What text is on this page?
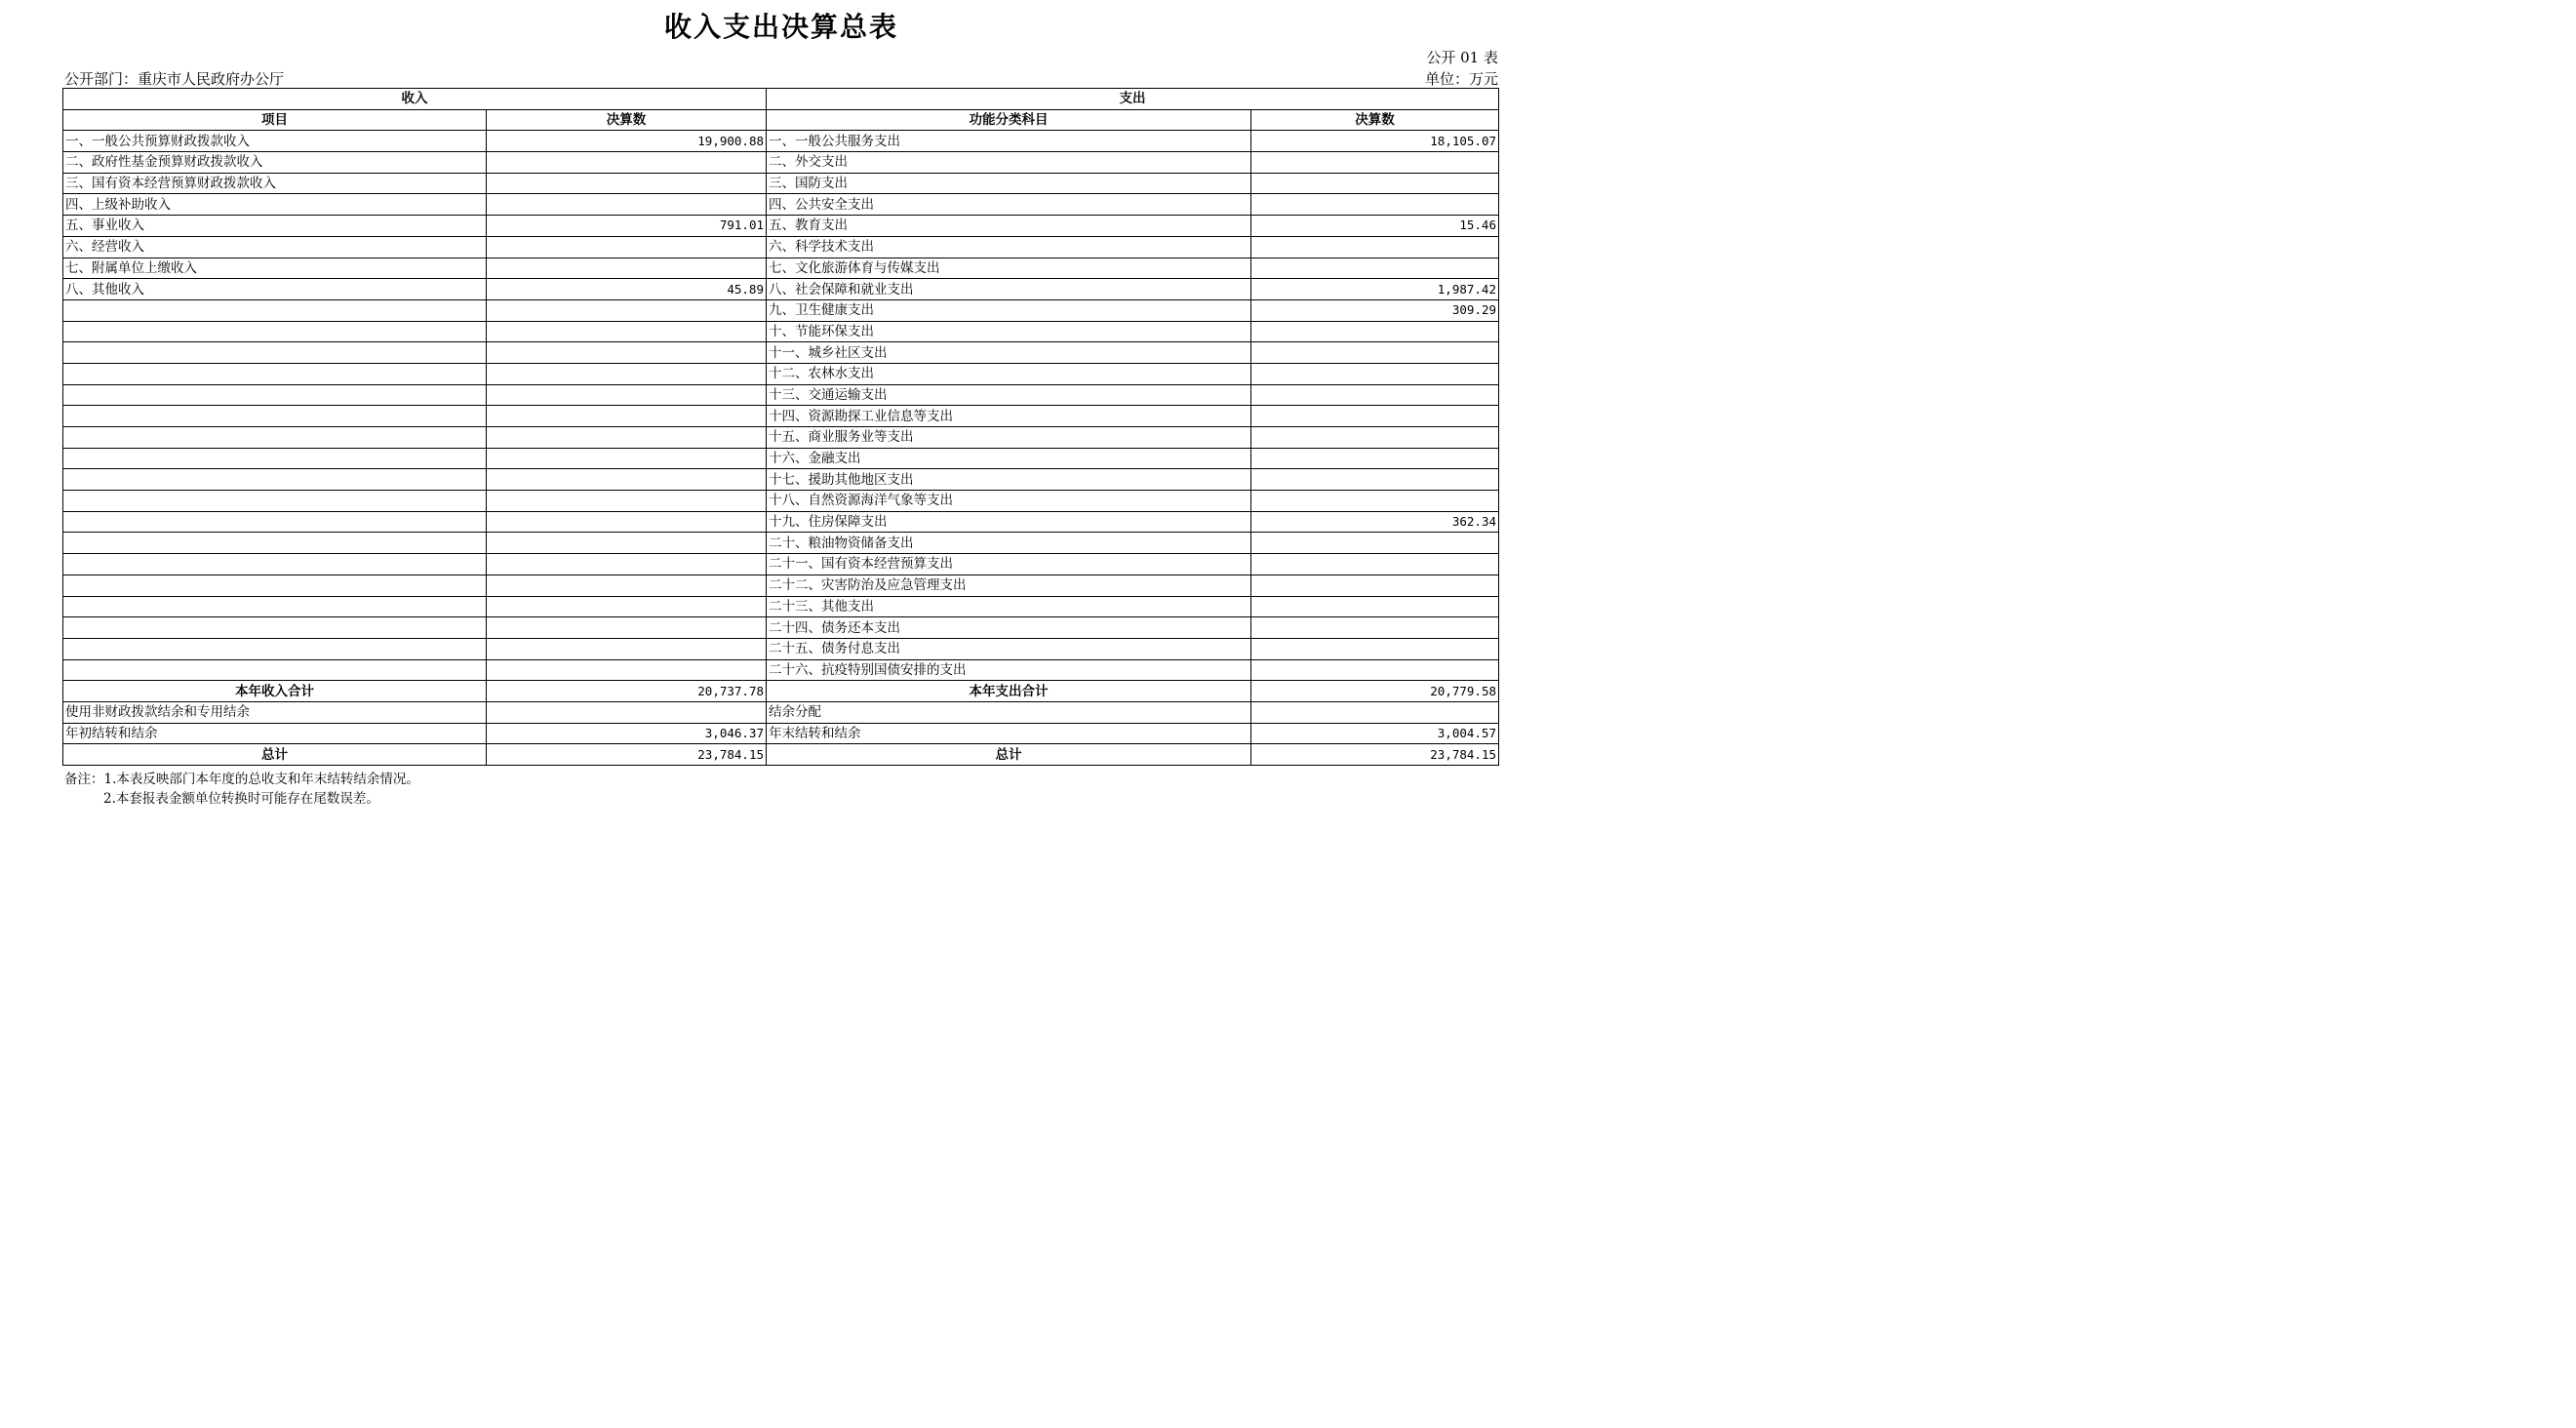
收入支出决算总表
公开 01 表
公开部门：重庆市人民政府办公厅	单位：万元
收入		支出	
项目	决算数	功能分类科目	决算数
一、一般公共预算财政拨款收入	19,900.88	一、一般公共服务支出	18,105.07
二、政府性基金预算财政拨款收入		二、外交支出	
三、国有资本经营预算财政拨款收入		三、国防支出	
四、上级补助收入		四、公共安全支出	
五、事业收入	791.01	五、教育支出	15.46
六、经营收入		六、科学技术支出	
七、附属单位上缴收入		七、文化旅游体育与传媒支出	
八、其他收入	45.89	八、社会保障和就业支出	1,987.42
		九、卫生健康支出	309.29
		十、节能环保支出	
		十一、城乡社区支出	
		十二、农林水支出	
		十三、交通运输支出	
		十四、资源勘探工业信息等支出	
		十五、商业服务业等支出	
		十六、金融支出	
		十七、援助其他地区支出	
		十八、自然资源海洋气象等支出	
		十九、住房保障支出	362.34
		二十、粮油物资储备支出	
		二十一、国有资本经营预算支出	
		二十二、灾害防治及应急管理支出	
		二十三、其他支出	
		二十四、债务还本支出	
		二十五、债务付息支出	
		二十六、抗疫特别国债安排的支出	
本年收入合计	20,737.78	本年支出合计	20,779.58
使用非财政拨款结余和专用结余		结余分配	
年初结转和结余	3,046.37	年末结转和结余	3,004.57
总计	23,784.15	总计	23,784.15
备注：1.本表反映部门本年度的总收支和年末结转结余情况。
2.本套报表金额单位转换时可能存在尾数误差。
